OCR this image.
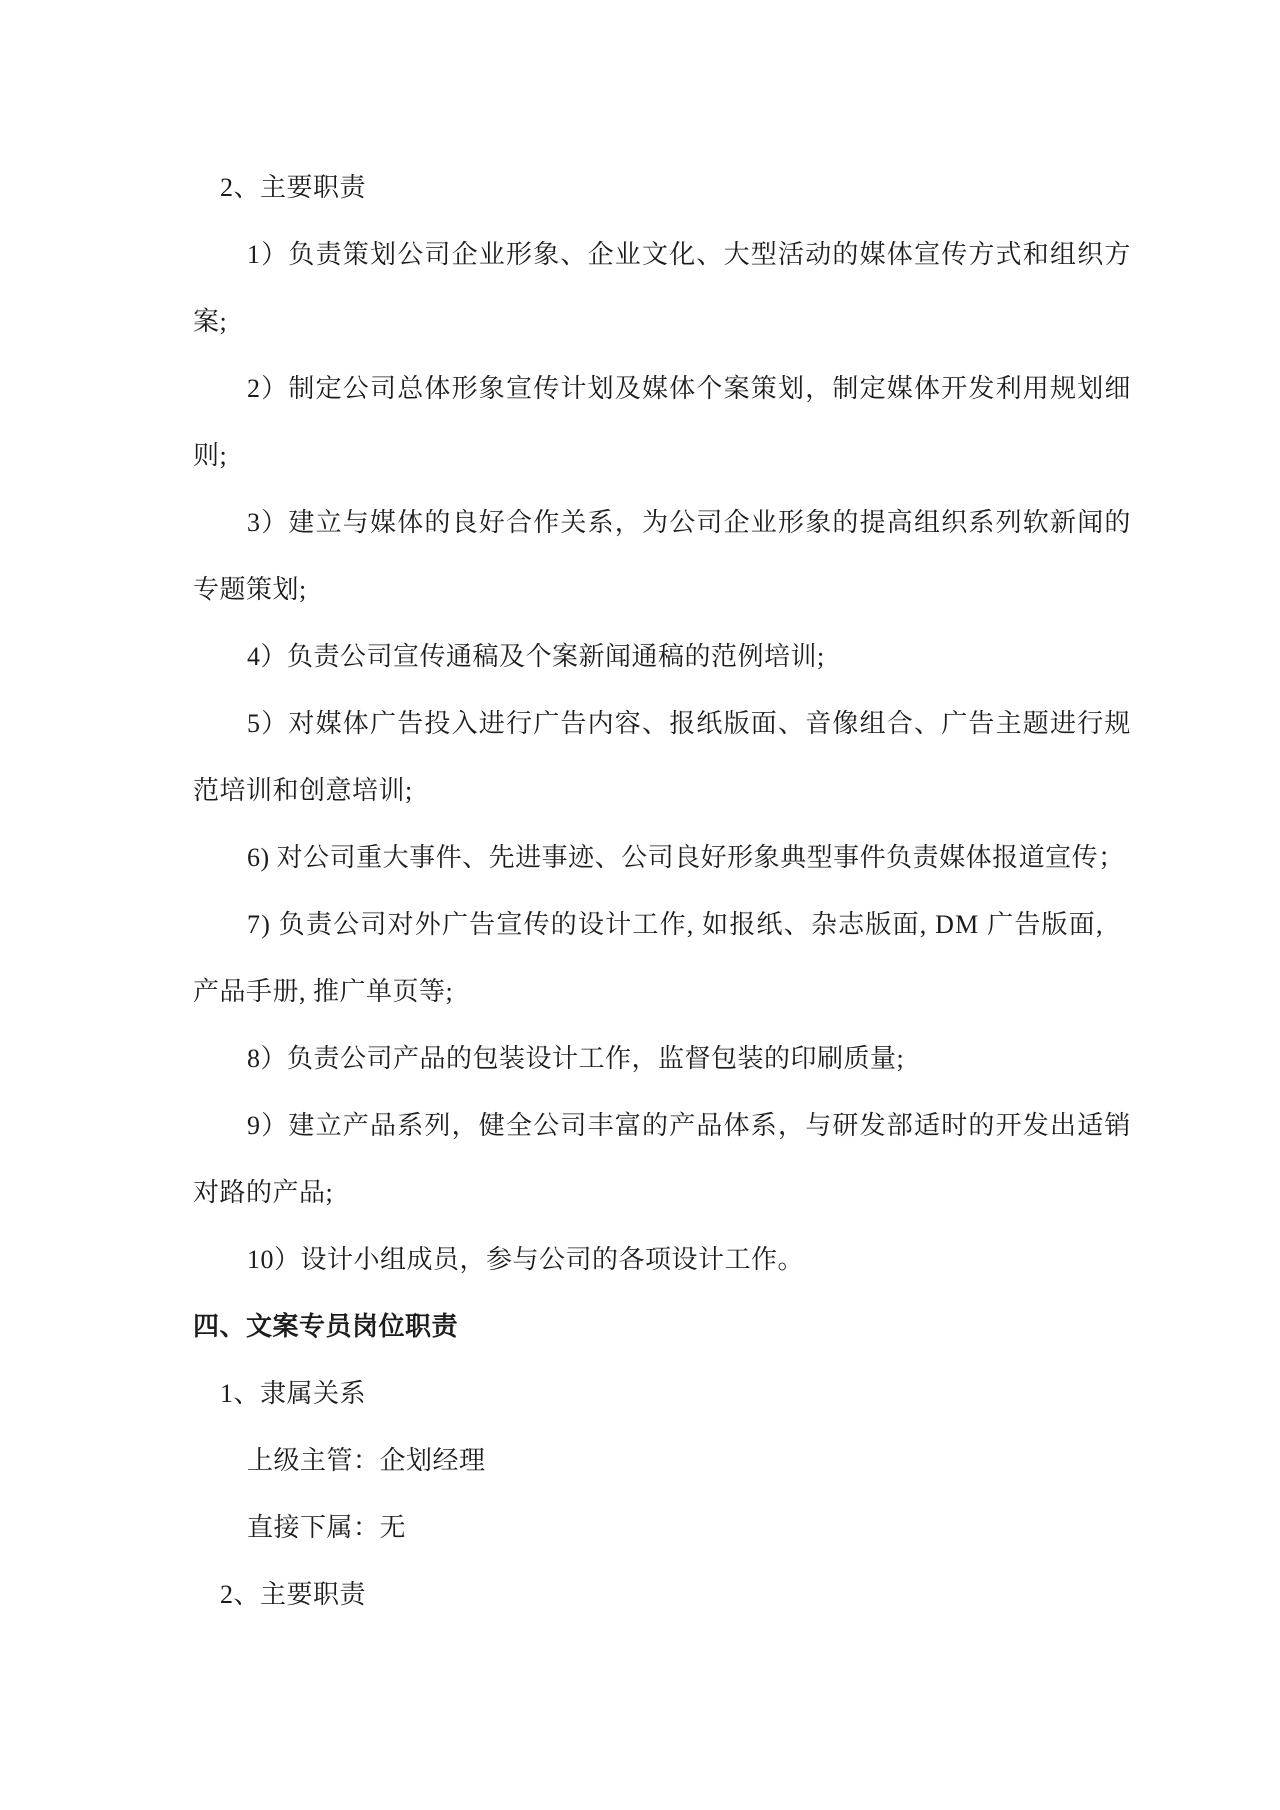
2、主要职责
1）负责策划公司企业形象、企业文化、大型活动的媒体宣传方式和组织方
案;
2）制定公司总体形象宣传计划及媒体个案策划，制定媒体开发利用规划细
则;
3）建立与媒体的良好合作关系，为公司企业形象的提高组织系列软新闻的
专题策划;
4）负责公司宣传通稿及个案新闻通稿的范例培训;
5）对媒体广告投入进行广告内容、报纸版面、音像组合、广告主题进行规
范培训和创意培训;
6) 对公司重大事件、先进事迹、公司良好形象典型事件负责媒体报道宣传；
7) 负责公司对外广告宣传的设计工作, 如报纸、杂志版面, DM 广告版面,
产品手册, 推广单页等;
8）负责公司产品的包装设计工作，监督包装的印刷质量;
9）建立产品系列，健全公司丰富的产品体系，与研发部适时的开发出适销
对路的产品;
10）设计小组成员，参与公司的各项设计工作。
四、文案专员岗位职责
1、隶属关系
上级主管：企划经理
直接下属：无
2、主要职责
